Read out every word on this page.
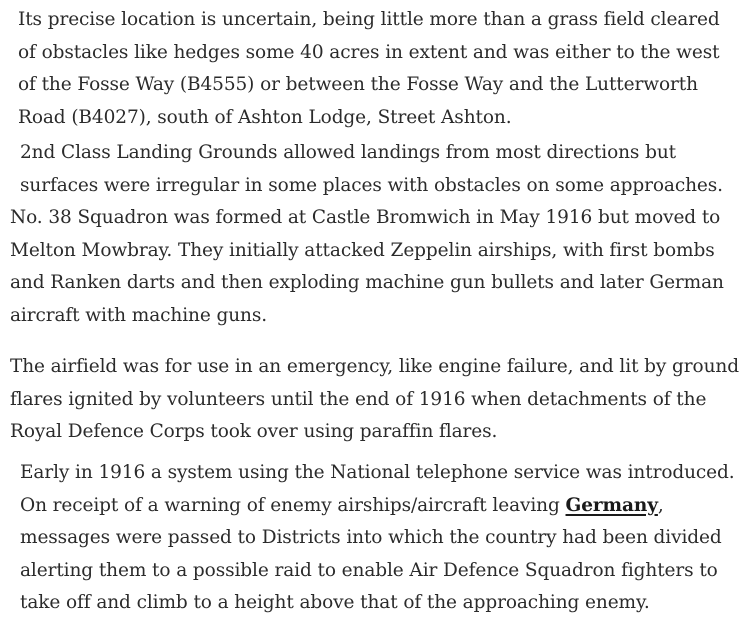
Its precise location is uncertain, being little more than a grass field cleared of obstacles like hedges some 40 acres in extent and was either to the west of the Fosse Way (B4555) or between the Fosse Way and the Lutterworth Road (B4027), south of Ashton Lodge, Street Ashton.

2nd Class Landing Grounds allowed landings from most directions but surfaces were irregular in some places with obstacles on some approaches.

No. 38 Squadron was formed at Castle Bromwich in May 1916 but moved to Melton Mowbray. They initially attacked Zeppelin airships, with first bombs and Ranken darts and then exploding machine gun bullets and later German aircraft with machine guns.

The airfield was for use in an emergency, like engine failure, and lit by ground flares ignited by volunteers until the end of 1916 when detachments of the Royal Defence Corps took over using paraffin flares.

Early in 1916 a system using the National telephone service was introduced. On receipt of a warning of enemy airships/aircraft leaving Germany, messages were passed to Districts into which the country had been divided alerting them to a possible raid to enable Air Defence Squadron fighters to take off and climb to a height above that of the approaching enemy.
